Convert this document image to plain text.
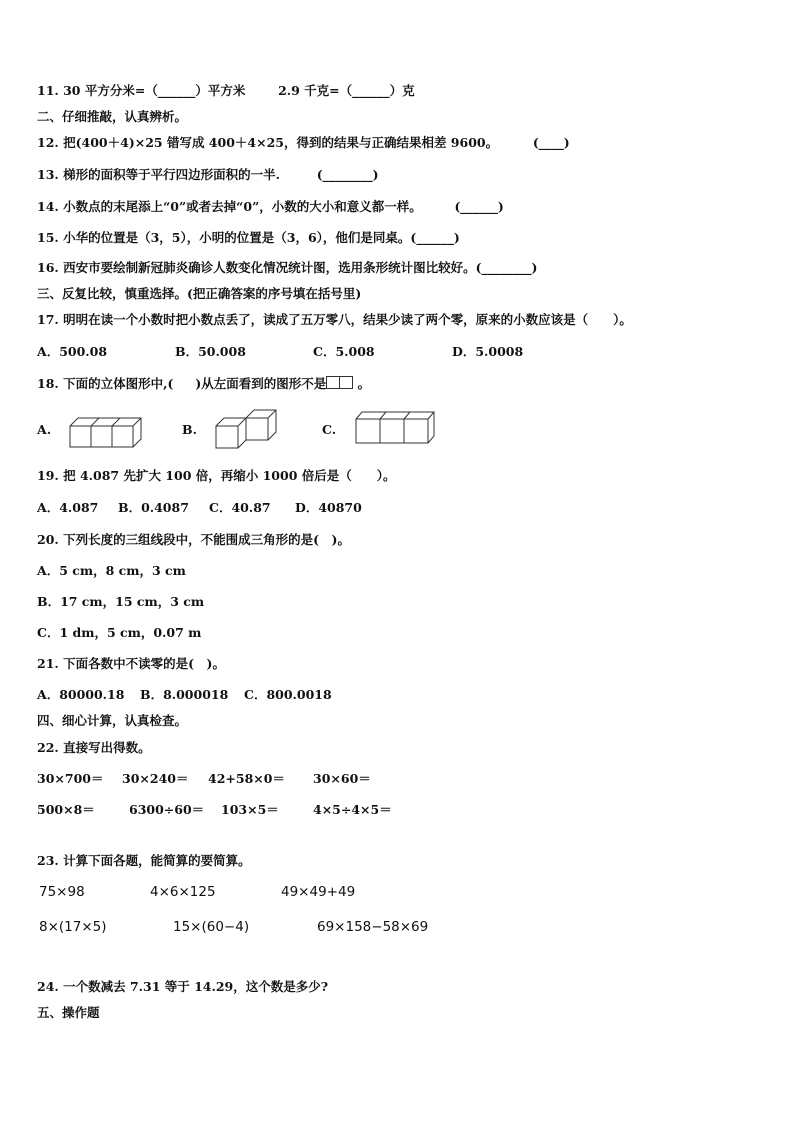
11. 30 平方分米=（______）平方米	2.9 千克=（______）克
二、仔细推敲，认真辨析。
12. 把(400＋4)×25 错写成 400＋4×25，得到的结果与正确结果相差 9600。	(____)
13. 梯形的面积等于平行四边形面积的一半.	(________)
14. 小数点的末尾添上“0”或者去掉“0”，小数的大小和意义都一样。	(______)
15. 小华的位置是（3，5），小明的位置是（3，6），他们是同桌。(______)
16. 西安市要绘制新冠肺炎确诊人数变化情况统计图，选用条形统计图比较好。(________)
三、反复比较，慎重选择。(把正确答案的序号填在括号里)
17. 明明在读一个小数时把小数点丢了，读成了五万零八，结果少读了两个零，原来的小数应该是（　　）。
A．500.08	B．50.008	C．5.008	D．5.0008
18. 下面的立体图形中,( )从左面看到的图形不是	。
A.	B.	C.
19. 把 4.087 先扩大 100 倍，再缩小 1000 倍后是（　　）。
A．4.087 B．0.4087 C．40.87 D．40870
20. 下列长度的三组线段中，不能围成三角形的是(　)。
A．5 cm，8 cm，3 cm
B．17 cm，15 cm，3 cm
C．1 dm，5 cm，0.07 m
21. 下面各数中不读零的是(　)。
A．80000.18 B．8.000018 C．800.0018
四、细心计算，认真检查。
22. 直接写出得数。
30×700＝ 30×240＝ 42+58×0＝ 30×60＝
500×8＝	6300÷60＝ 103×5＝	4×5÷4×5＝
23. 计算下面各题，能简算的要简算。
75×98	4×6×125	49×49+49
8×(17×5)	15×(60−4)	69×158−58×69
24. 一个数减去 7.31 等于 14.29，这个数是多少?
五、操作题
